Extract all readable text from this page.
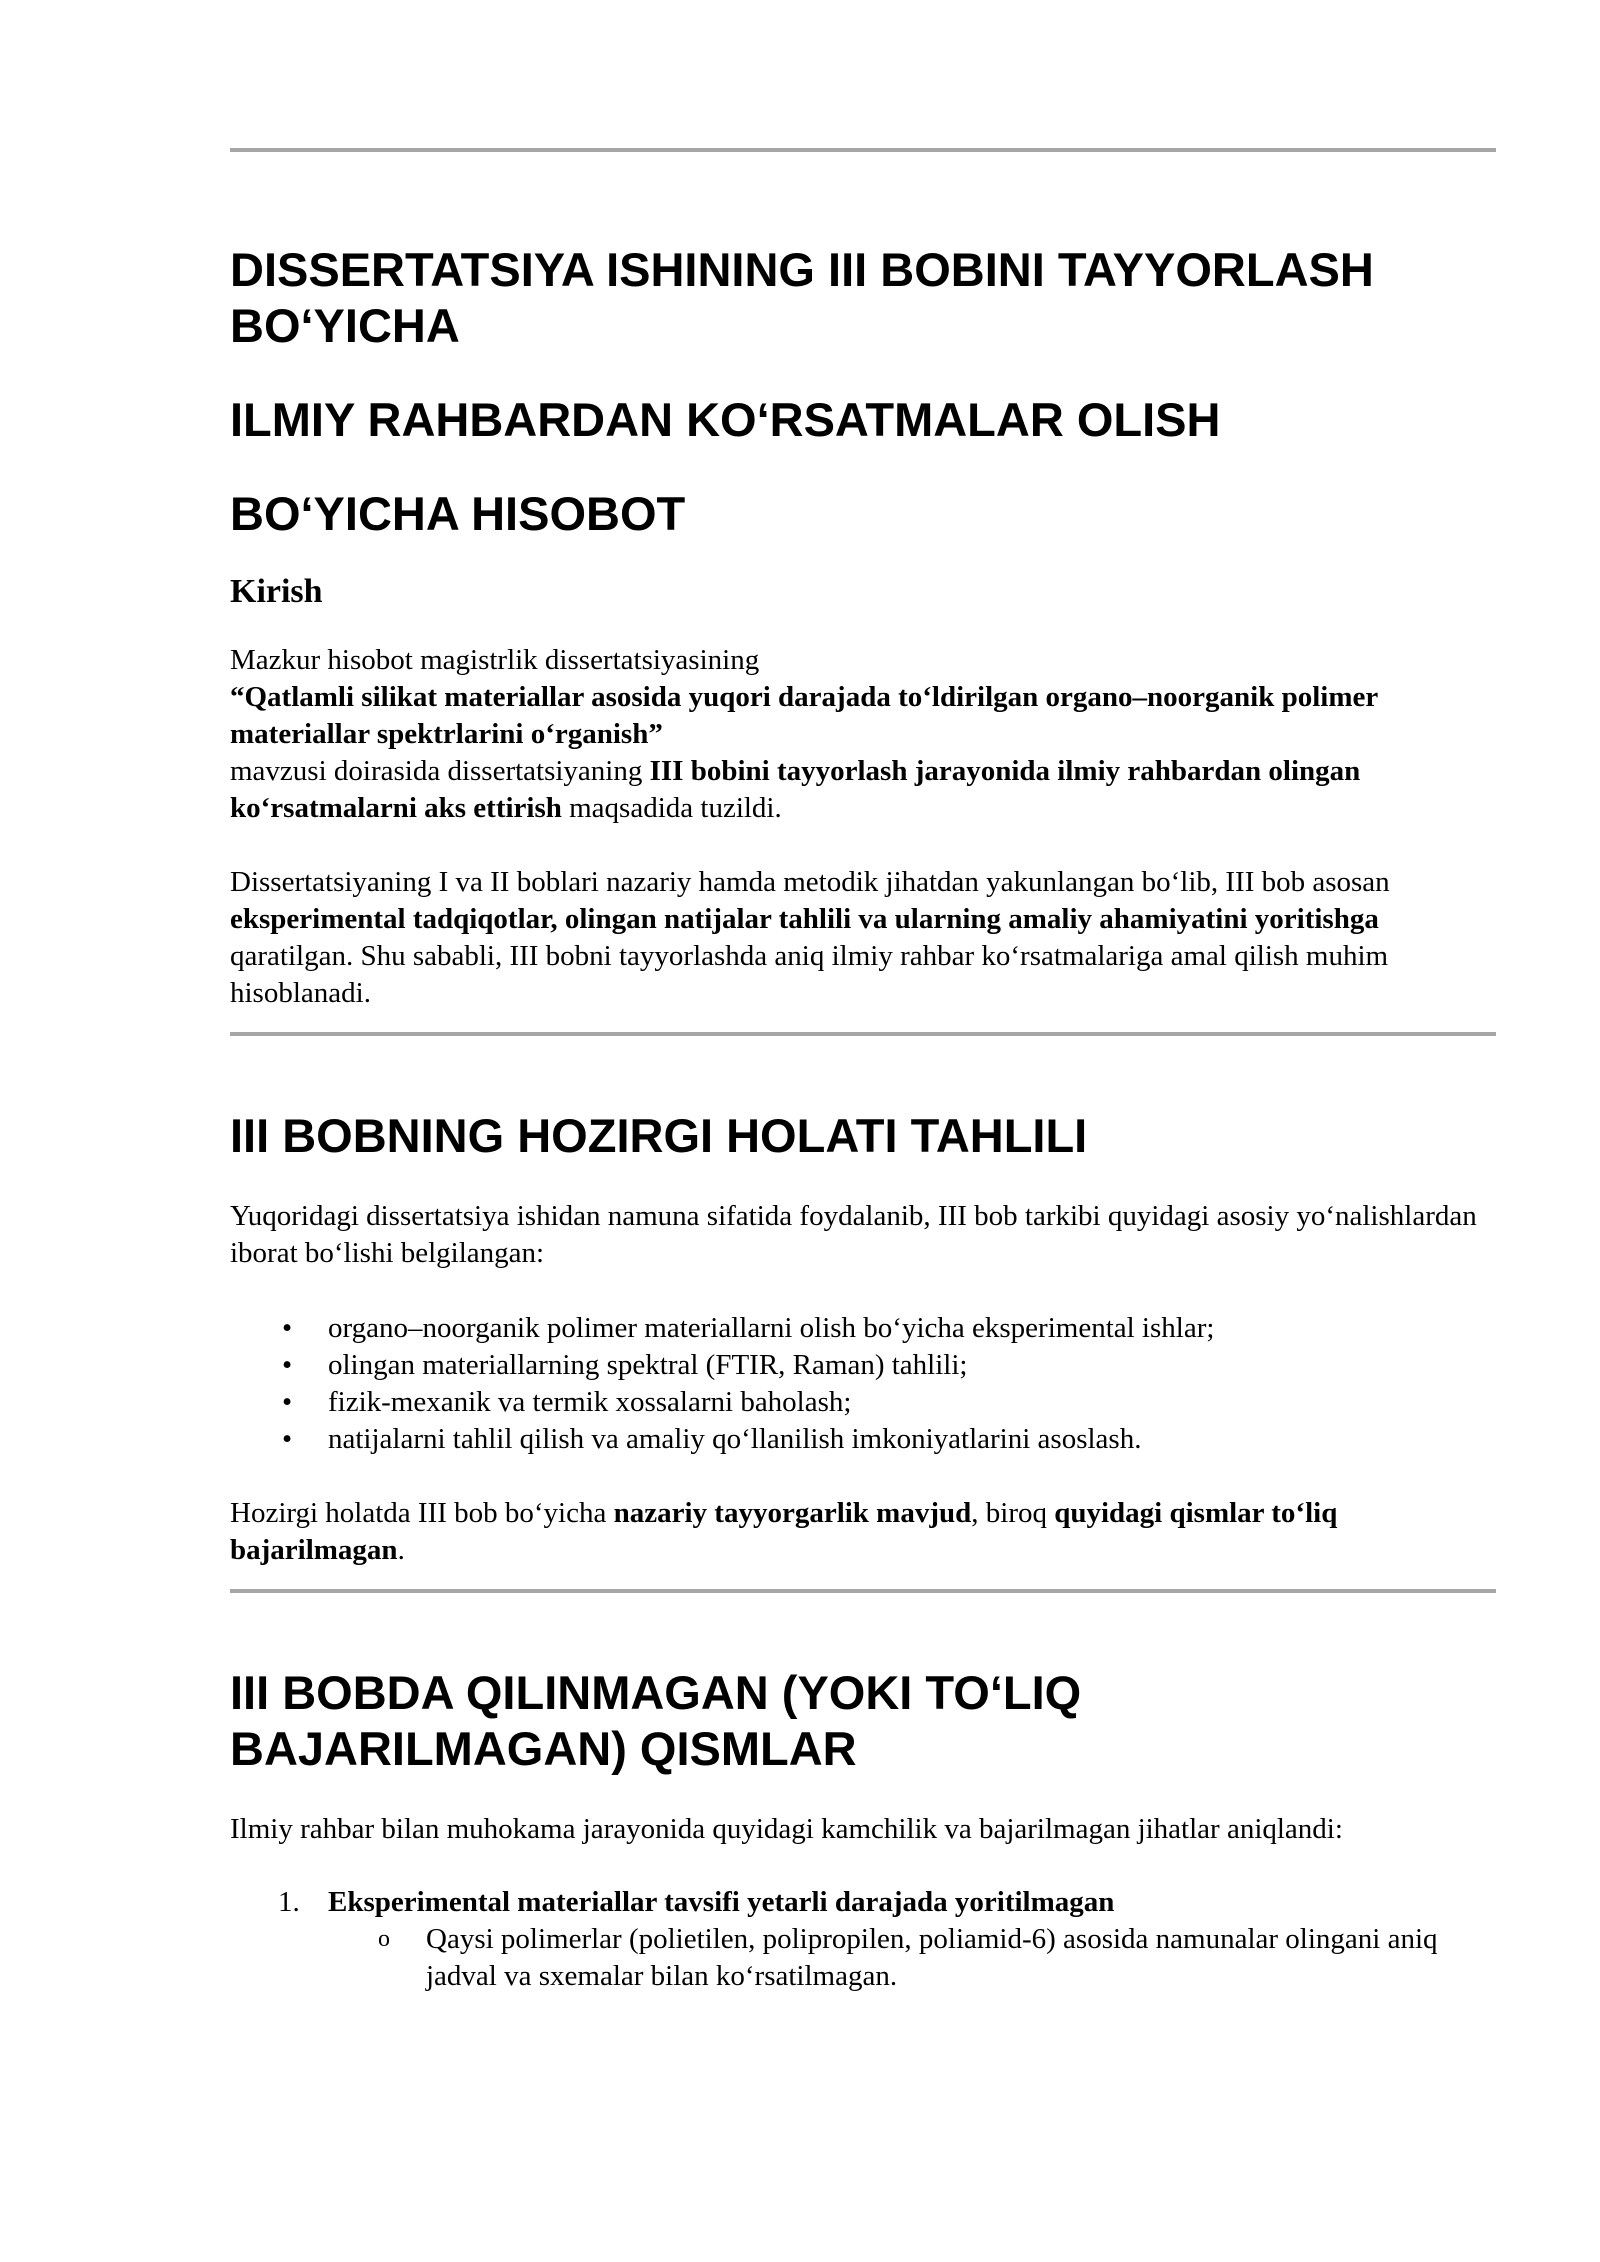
DISSERTATSIYA ISHINING III BOBINI TAYYORLASH BO‘YICHA
ILMIY RAHBARDAN KO‘RSATMALAR OLISH
BO‘YICHA HISOBOT
Kirish

Mazkur hisobot magistrlik dissertatsiyasining
“Qatlamli silikat materiallar asosida yuqori darajada to‘ldirilgan organo–noorganik polimer materiallar spektrlarini o‘rganish”
mavzusi doirasida dissertatsiyaning III bobini tayyorlash jarayonida ilmiy rahbardan olingan ko‘rsatmalarni aks ettirish maqsadida tuzildi.

Dissertatsiyaning I va II boblari nazariy hamda metodik jihatdan yakunlangan bo‘lib, III bob asosan eksperimental tadqiqotlar, olingan natijalar tahlili va ularning amaliy ahamiyatini yoritishga qaratilgan. Shu sababli, III bobni tayyorlashda aniq ilmiy rahbar ko‘rsatmalariga amal qilish muhim hisoblanadi.

III BOBNING HOZIRGI HOLATI TAHLILI

Yuqoridagi dissertatsiya ishidan namuna sifatida foydalanib, III bob tarkibi quyidagi asosiy yo‘nalishlardan iborat bo‘lishi belgilangan:

• organo–noorganik polimer materiallarni olish bo‘yicha eksperimental ishlar;
• olingan materiallarning spektral (FTIR, Raman) tahlili;
• fizik-mexanik va termik xossalarni baholash;
• natijalarni tahlil qilish va amaliy qo‘llanilish imkoniyatlarini asoslash.

Hozirgi holatda III bob bo‘yicha nazariy tayyorgarlik mavjud, biroq quyidagi qismlar to‘liq bajarilmagan.

III BOBDA QILINMAGAN (YOKI TO‘LIQ
BAJARILMAGAN) QISMLAR

Ilmiy rahbar bilan muhokama jarayonida quyidagi kamchilik va bajarilmagan jihatlar aniqlandi:

1. Eksperimental materiallar tavsifi yetarli darajada yoritilmagan
o	Qaysi polimerlar (polietilen, polipropilen, poliamid-6) asosida namunalar olingani aniq jadval va sxemalar bilan ko‘rsatilmagan.
